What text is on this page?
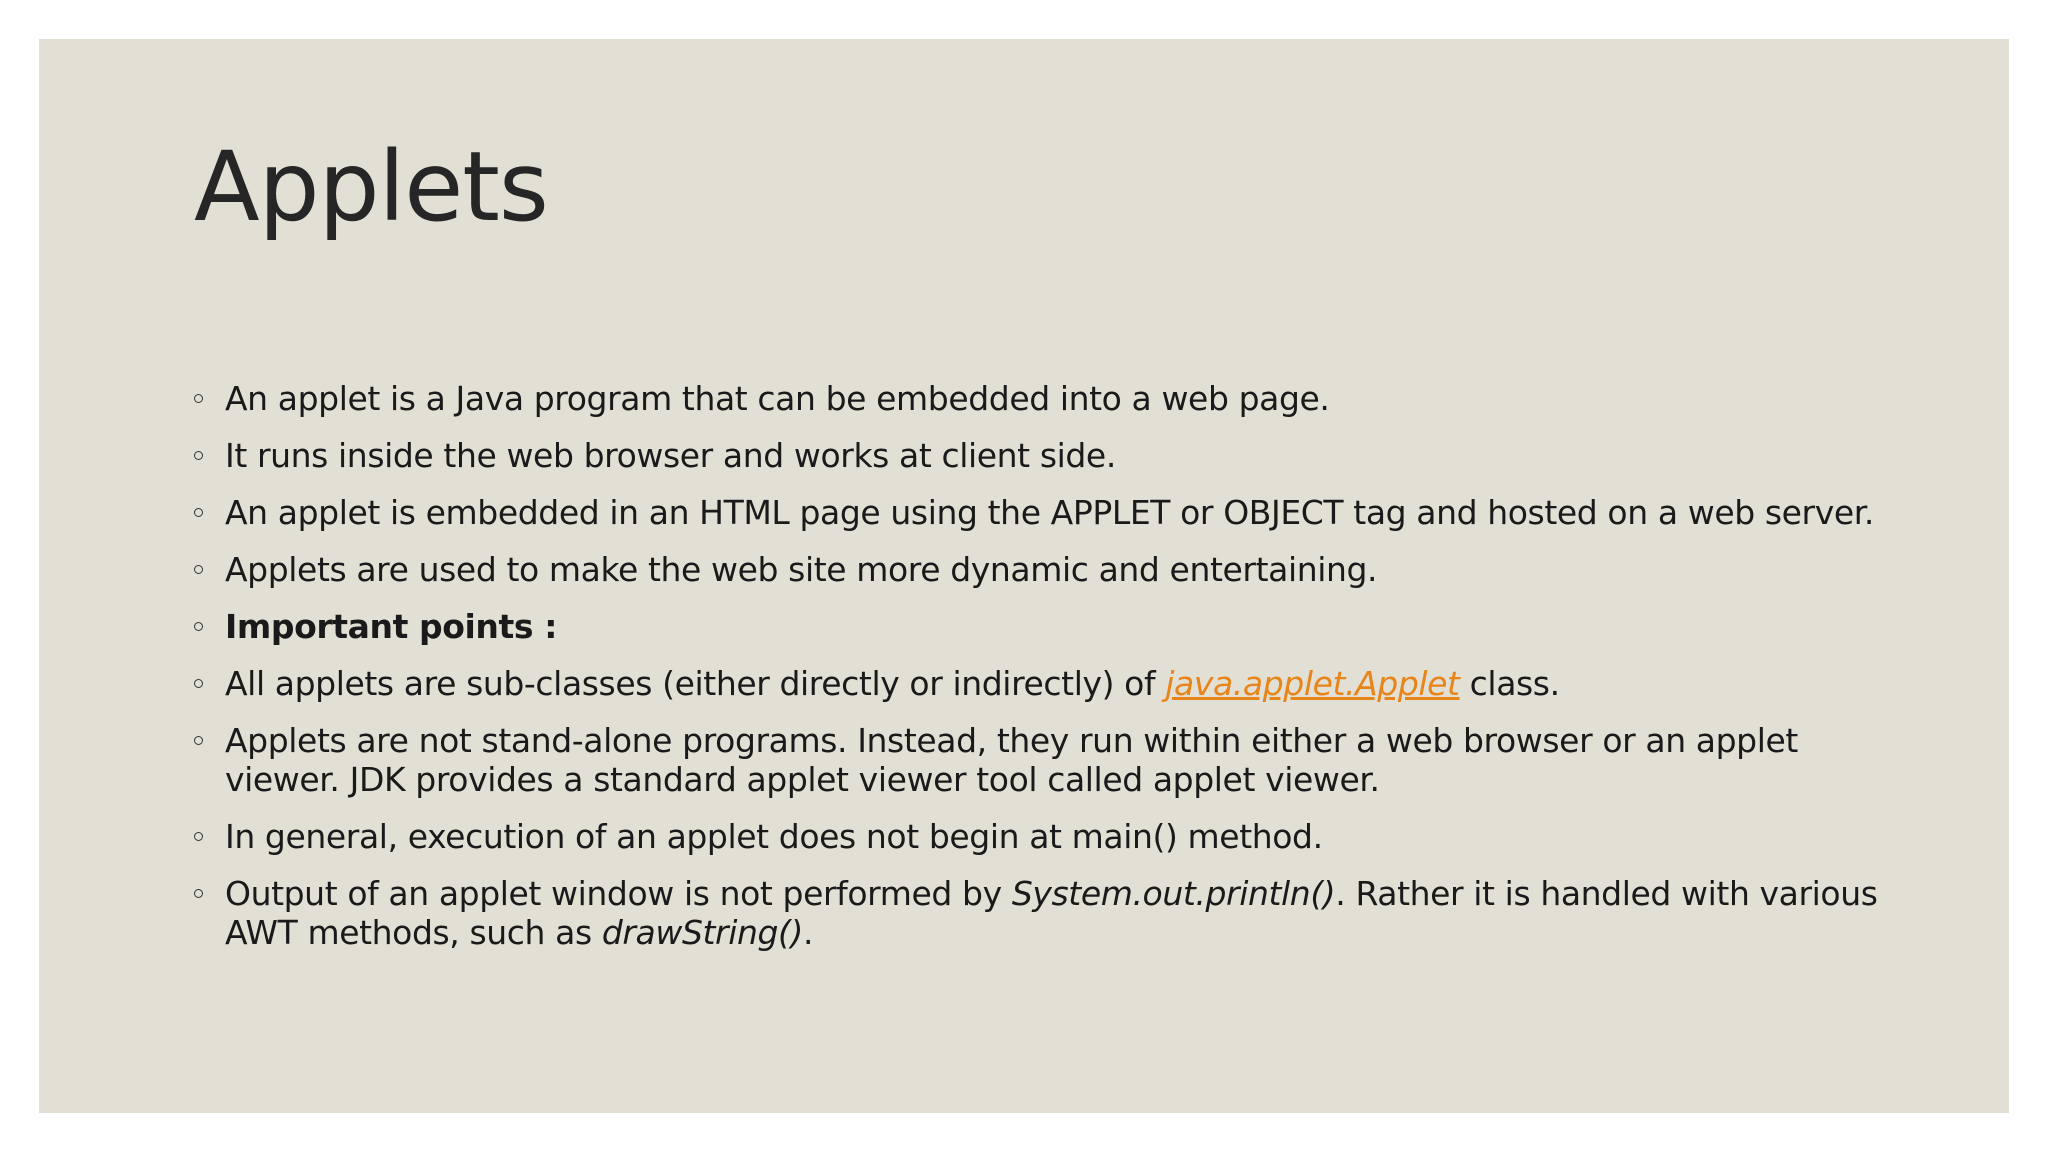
Applets
An applet is a Java program that can be embedded into a web page.
It runs inside the web browser and works at client side.
An applet is embedded in an HTML page using the APPLET or OBJECT tag and hosted on a web server.
Applets are used to make the web site more dynamic and entertaining.
Important points :
All applets are sub-classes (either directly or indirectly) of java.applet.Applet class.
Applets are not stand-alone programs. Instead, they run within either a web browser or an applet viewer. JDK provides a standard applet viewer tool called applet viewer.
In general, execution of an applet does not begin at main() method.
Output of an applet window is not performed by System.out.println(). Rather it is handled with various AWT methods, such as drawString().
